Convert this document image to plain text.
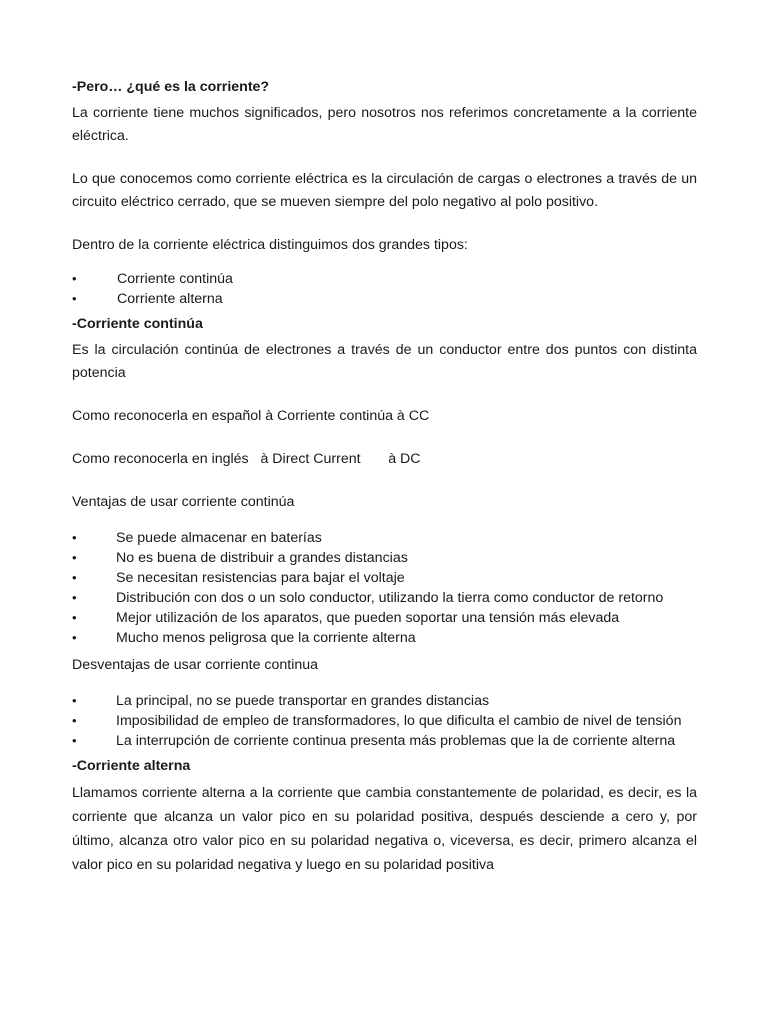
-Pero… ¿qué es la corriente?

La corriente tiene muchos significados, pero nosotros nos referimos concretamente a la corriente eléctrica.

Lo que conocemos como corriente eléctrica es la circulación de cargas o electrones a través de un circuito eléctrico cerrado, que se mueven siempre del polo negativo al polo positivo.

Dentro de la corriente eléctrica distinguimos dos grandes tipos:

•	Corriente continúa
•	Corriente alterna
-Corriente continúa

Es la circulación continúa de electrones a través de un conductor entre dos puntos con distinta potencia

Como reconocerla en español à Corriente continúa à CC

Como reconocerla en inglés   à Direct Current       à DC

Ventajas de usar corriente continúa

•	Se puede almacenar en baterías
•	No es buena de distribuir a grandes distancias
•	Se necesitan resistencias para bajar el voltaje
•	Distribución con dos o un solo conductor, utilizando la tierra como conductor de retorno
•	Mejor utilización de los aparatos, que pueden soportar una tensión más elevada
•	Mucho menos peligrosa que la corriente alterna

Desventajas de usar corriente continua

•	La principal, no se puede transportar en grandes distancias
•	Imposibilidad de empleo de transformadores, lo que dificulta el cambio de nivel de tensión
•	La interrupción de corriente continua presenta más problemas que la de corriente alterna
-Corriente alterna

Llamamos corriente alterna a la corriente que cambia constantemente de polaridad, es decir, es la corriente que alcanza un valor pico en su polaridad positiva, después desciende a cero y, por último, alcanza otro valor pico en su polaridad negativa o, viceversa, es decir, primero alcanza el valor pico en su polaridad negativa y luego en su polaridad positiva
